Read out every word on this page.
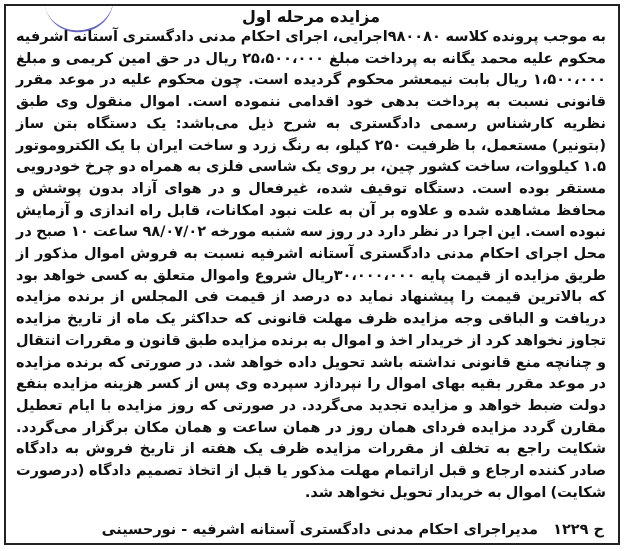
مزایده مرحله اول

به موجب پرونده کلاسه ۹۸۰۰۸۰اجرایی، اجرای احکام مدنی دادگستری آستانه اشرفیه محکوم علیه محمد یگانه به پرداخت مبلغ ۲۵،۵۰۰،۰۰۰ ریال در حق امین کریمی و مبلغ ۱،۵۰۰،۰۰۰ ریال بابت نیمعشر محکوم گردیده است. چون محکوم علیه در موعد مقرر قانونی نسبت به پرداخت بدهی خود اقدامی ننموده است. اموال منقول وی طبق نظریه کارشناس رسمی دادگستری به شرح ذیل می‌باشد: یک دستگاه بتن ساز (بتونیر) مستعمل، با ظرفیت ۲۵۰ کیلو، به رنگ زرد و ساخت ایران با یک الکتروموتور ۱.۵ کیلووات، ساخت کشور چین، بر روی یک شاسی فلزی به همراه دو چرخ خودرویی مستقر بوده است. دستگاه توقیف شده، غیرفعال و در هوای آزاد بدون پوشش و محافظ مشاهده شده و علاوه بر آن به علت نبود امکانات، قابل راه اندازی و آزمایش نبوده است. این اجرا در نظر دارد در روز سه شنبه مورخه ۹۸/۰۷/۰۲ ساعت ۱۰ صبح در محل اجرای احکام مدنی دادگستری آستانه اشرفیه نسبت به فروش اموال مذکور از طریق مزایده از قیمت پایه ۳۰،۰۰۰،۰۰۰ریال شروع واموال متعلق به کسی خواهد بود که بالاترین قیمت را پیشنهاد نماید ده درصد از قیمت فی المجلس از برنده مزایده دریافت و الباقی وجه مزایده ظرف مهلت قانونی که حداکثر یک ماه از تاریخ مزایده تجاوز نخواهد کرد از خریدار اخذ و اموال به برنده مزایده طبق قانون و مقررات انتقال و چنانچه منع قانونی نداشته باشد تحویل داده خواهد شد. در صورتی که برنده مزایده در موعد مقرر بقیه بهای اموال را نپردازد سپرده وی پس از کسر هزینه مزایده بنفع دولت ضبط خواهد و مزایده تجدید می‌گردد. در صورتی که روز مزایده با ایام تعطیل مقارن گردد مزایده فردای همان روز در همان ساعت و همان مکان برگزار می‌گردد. شکایت راجع به تخلف از مقررات مزایده ظرف یک هفته از تاریخ فروش به دادگاه صادر کننده ارجاع و قبل ازاتمام مهلت مذکور یا قبل از اتخاذ تصمیم دادگاه (درصورت شکایت) اموال به خریدار تحویل نخواهد شد.

ح ۱۲۲۹ مدیراجرای احکام مدنی دادگستری آستانه اشرفیه - نورحسینی
